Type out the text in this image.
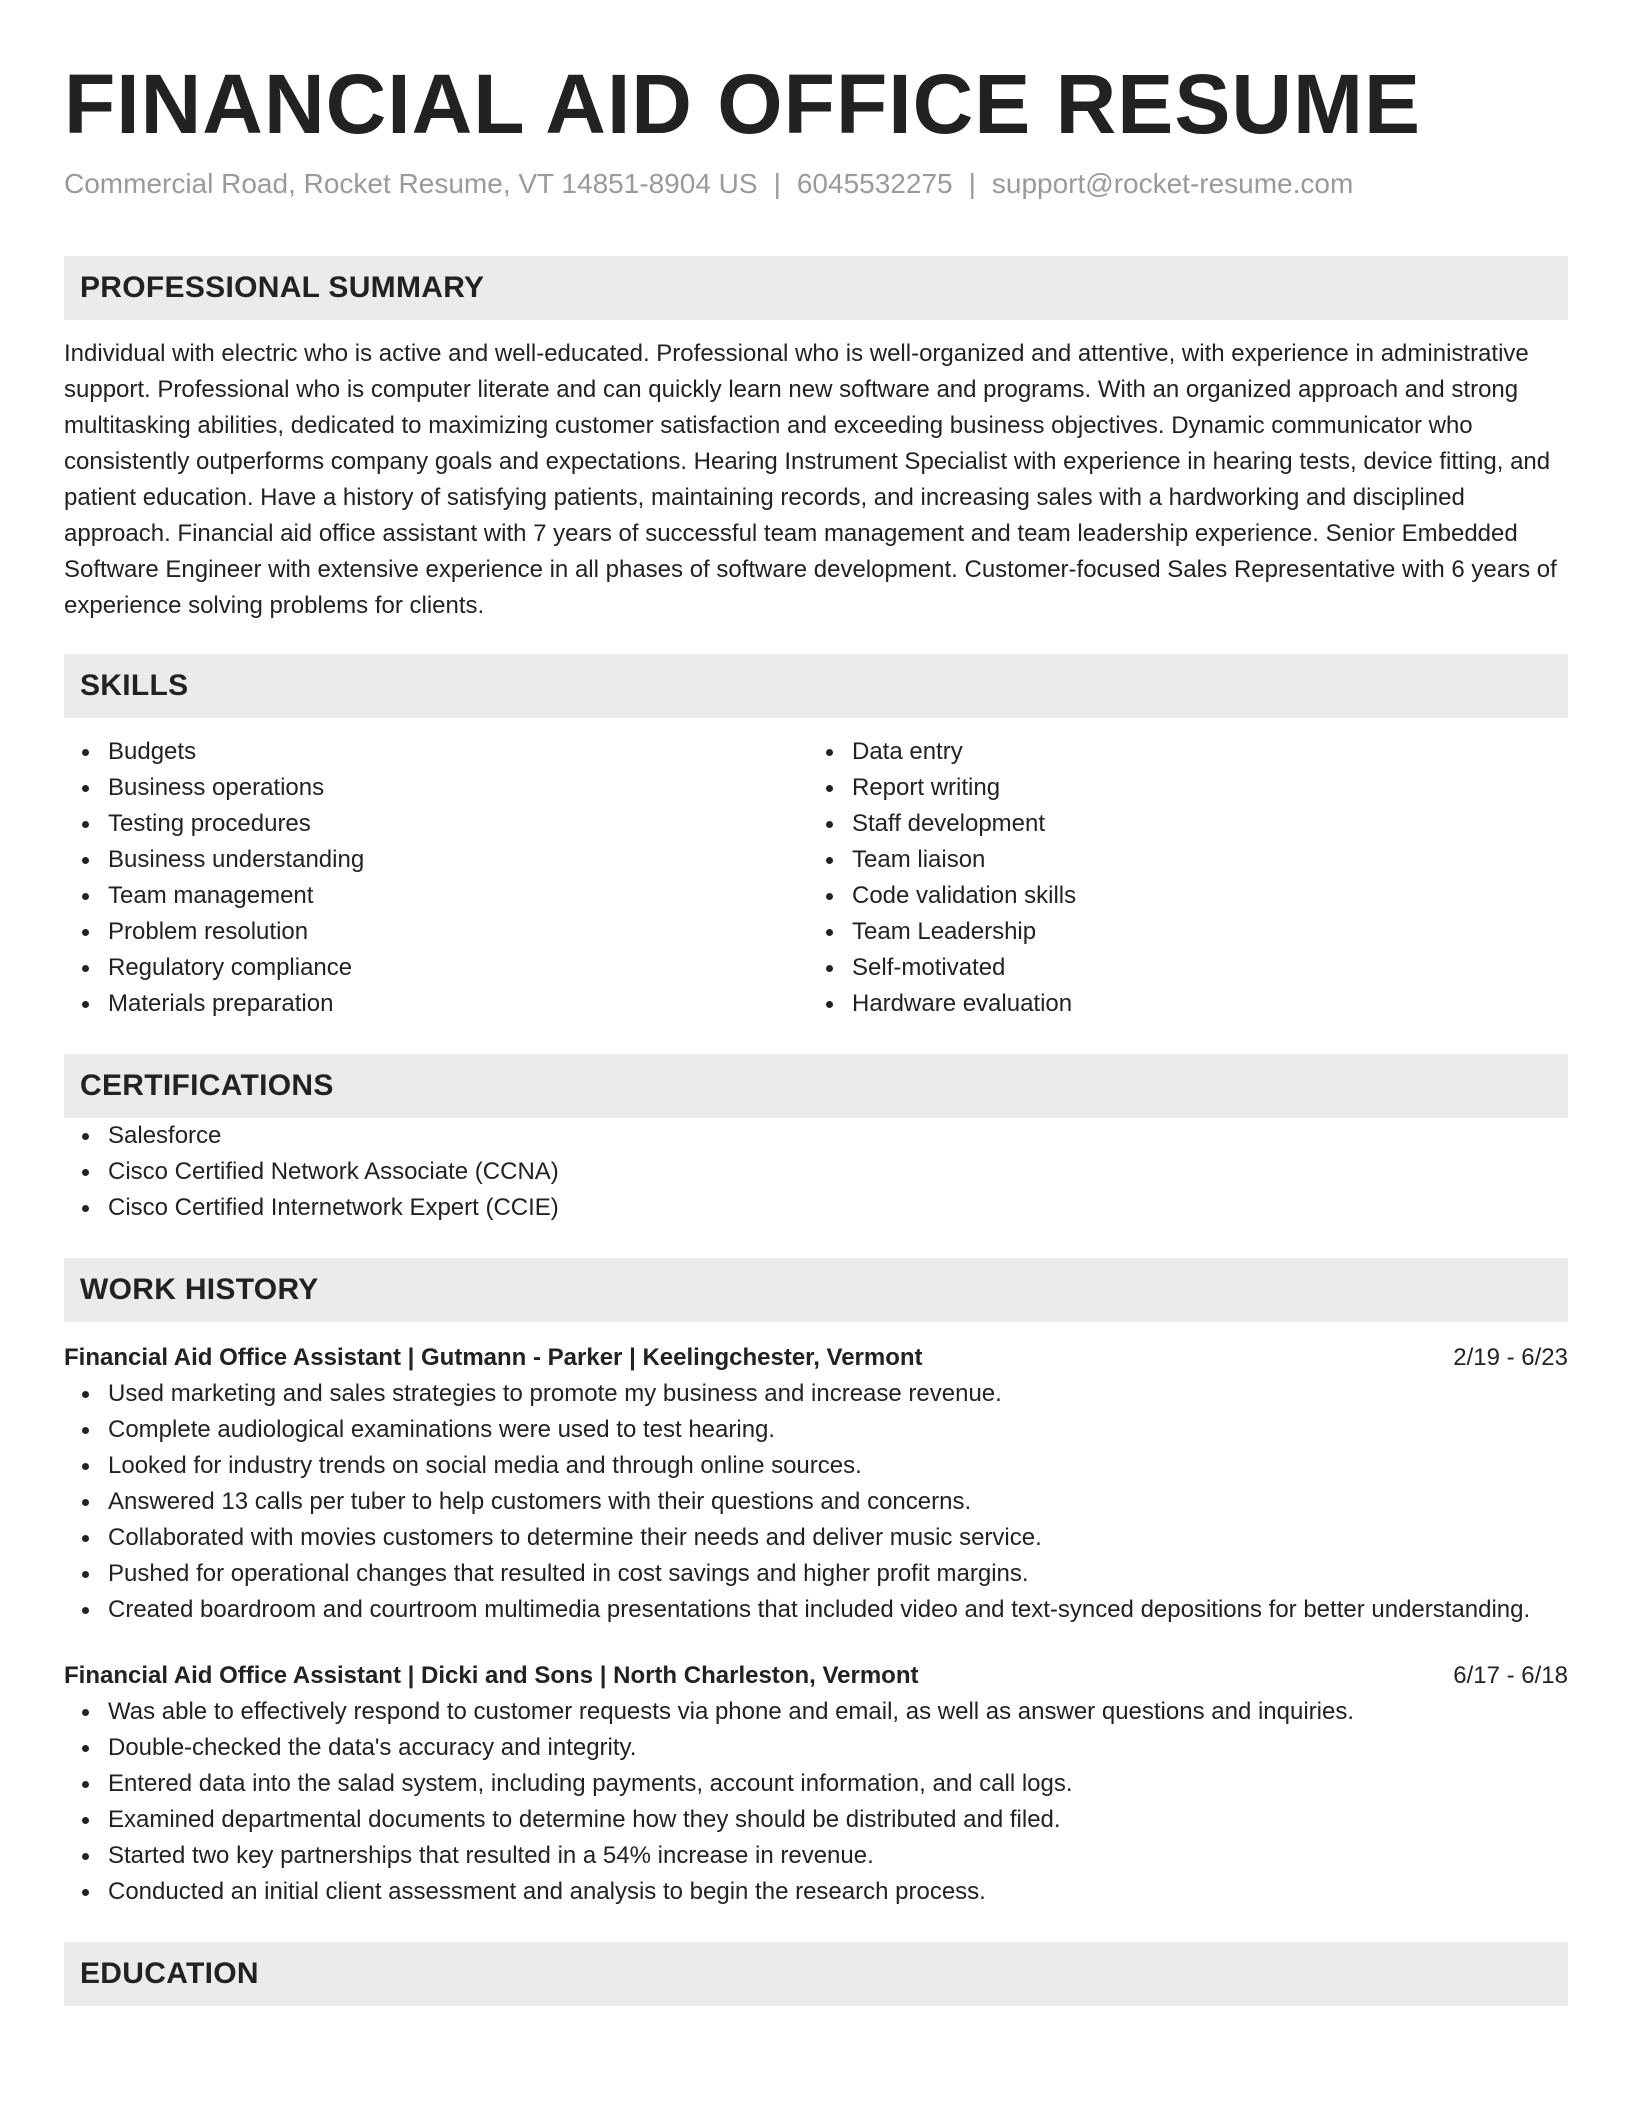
FINANCIAL AID OFFICE RESUME
Commercial Road, Rocket Resume, VT 14851-8904 US | 6045532275 | support@rocket-resume.com
PROFESSIONAL SUMMARY
Individual with electric who is active and well-educated. Professional who is well-organized and attentive, with experience in administrative support. Professional who is computer literate and can quickly learn new software and programs. With an organized approach and strong multitasking abilities, dedicated to maximizing customer satisfaction and exceeding business objectives. Dynamic communicator who consistently outperforms company goals and expectations. Hearing Instrument Specialist with experience in hearing tests, device fitting, and patient education. Have a history of satisfying patients, maintaining records, and increasing sales with a hardworking and disciplined approach. Financial aid office assistant with 7 years of successful team management and team leadership experience. Senior Embedded Software Engineer with extensive experience in all phases of software development. Customer-focused Sales Representative with 6 years of experience solving problems for clients.
SKILLS
Budgets
Business operations
Testing procedures
Business understanding
Team management
Problem resolution
Regulatory compliance
Materials preparation
Data entry
Report writing
Staff development
Team liaison
Code validation skills
Team Leadership
Self-motivated
Hardware evaluation
CERTIFICATIONS
Salesforce
Cisco Certified Network Associate (CCNA)
Cisco Certified Internetwork Expert (CCIE)
WORK HISTORY
Financial Aid Office Assistant | Gutmann - Parker | Keelingchester, Vermont	2/19 - 6/23
Used marketing and sales strategies to promote my business and increase revenue.
Complete audiological examinations were used to test hearing.
Looked for industry trends on social media and through online sources.
Answered 13 calls per tuber to help customers with their questions and concerns.
Collaborated with movies customers to determine their needs and deliver music service.
Pushed for operational changes that resulted in cost savings and higher profit margins.
Created boardroom and courtroom multimedia presentations that included video and text-synced depositions for better understanding.
Financial Aid Office Assistant | Dicki and Sons | North Charleston, Vermont	6/17 - 6/18
Was able to effectively respond to customer requests via phone and email, as well as answer questions and inquiries.
Double-checked the data's accuracy and integrity.
Entered data into the salad system, including payments, account information, and call logs.
Examined departmental documents to determine how they should be distributed and filed.
Started two key partnerships that resulted in a 54% increase in revenue.
Conducted an initial client assessment and analysis to begin the research process.
EDUCATION
